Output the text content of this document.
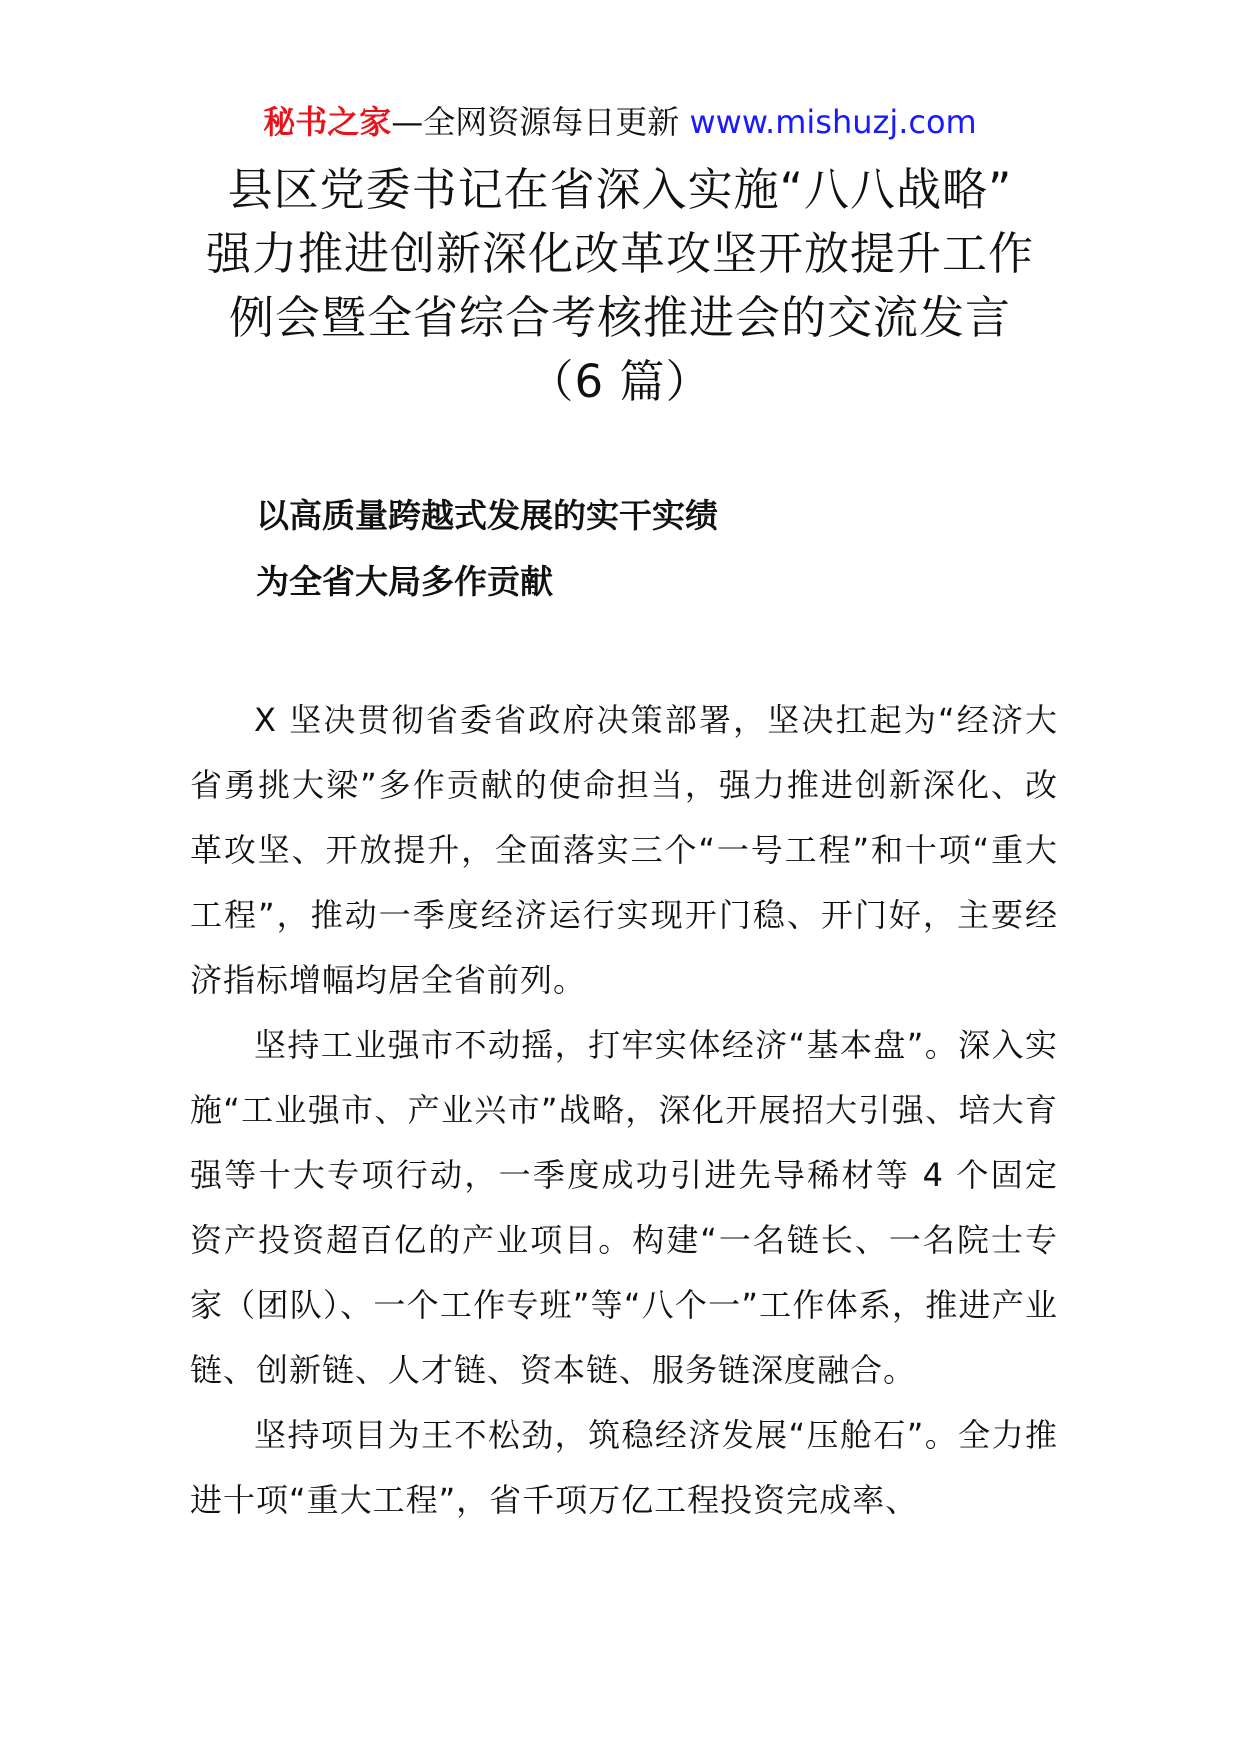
秘书之家—全网资源每日更新 www.mishuzj.com
县区党委书记在省深入实施“八八战略”
强力推进创新深化改革攻坚开放提升工作
例会暨全省综合考核推进会的交流发言
（6 篇）
以高质量跨越式发展的实干实绩
为全省大局多作贡献

X 坚决贯彻省委省政府决策部署，坚决扛起为“经济大省勇挑大梁”多作贡献的使命担当，强力推进创新深化、改革攻坚、开放提升，全面落实三个“一号工程”和十项“重大工程”，推动一季度经济运行实现开门稳、开门好，主要经济指标增幅均居全省前列。

坚持工业强市不动摇，打牢实体经济“基本盘”。深入实施“工业强市、产业兴市”战略，深化开展招大引强、培大育强等十大专项行动，一季度成功引进先导稀材等 4 个固定资产投资超百亿的产业项目。构建“一名链长、一名院士专家（团队）、一个工作专班”等“八个一”工作体系，推进产业链、创新链、人才链、资本链、服务链深度融合。

坚持项目为王不松劲，筑稳经济发展“压舱石”。全力推进十项“重大工程”，省千项万亿工程投资完成率、
